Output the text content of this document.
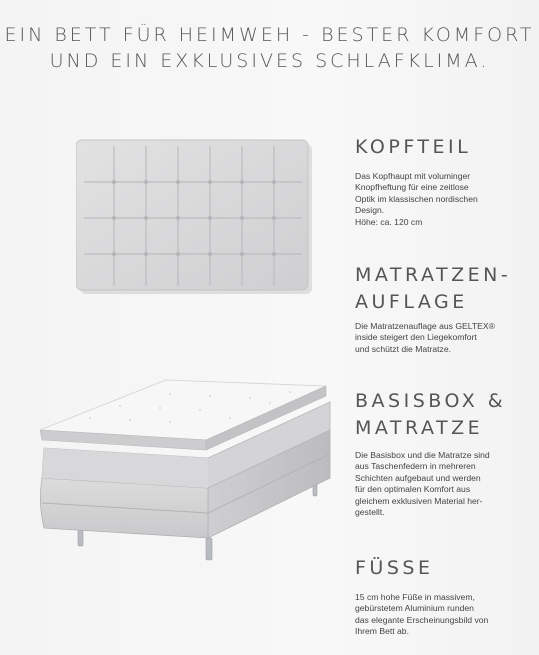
EIN BETT FÜR HEIMWEH - BESTER KOMFORT
UND EIN EXKLUSIVES SCHLAFKLIMA.
KOPFTEIL
Das Kopfhaupt mit voluminger
Knopfheftung für eine zeitlose
Optik im klassischen nordischen
Design.
Höhe: ca. 120 cm
MATRATZEN-
AUFLAGE
Die Matratzenauflage aus GELTEX®
inside steigert den Liegekomfort
und schützt die Matratze.
BASISBOX &
MATRATZE
Die Basisbox und die Matratze sind
aus Taschenfedern in mehreren
Schichten aufgebaut und werden
für den optimalen Komfort aus
gleichem exklusiven Material her-
gestellt.
FÜSSE
15 cm hohe Füße in massivem,
gebürstetem Aluminium runden
das elegante Erscheinungsbild von
Ihrem Bett ab.
